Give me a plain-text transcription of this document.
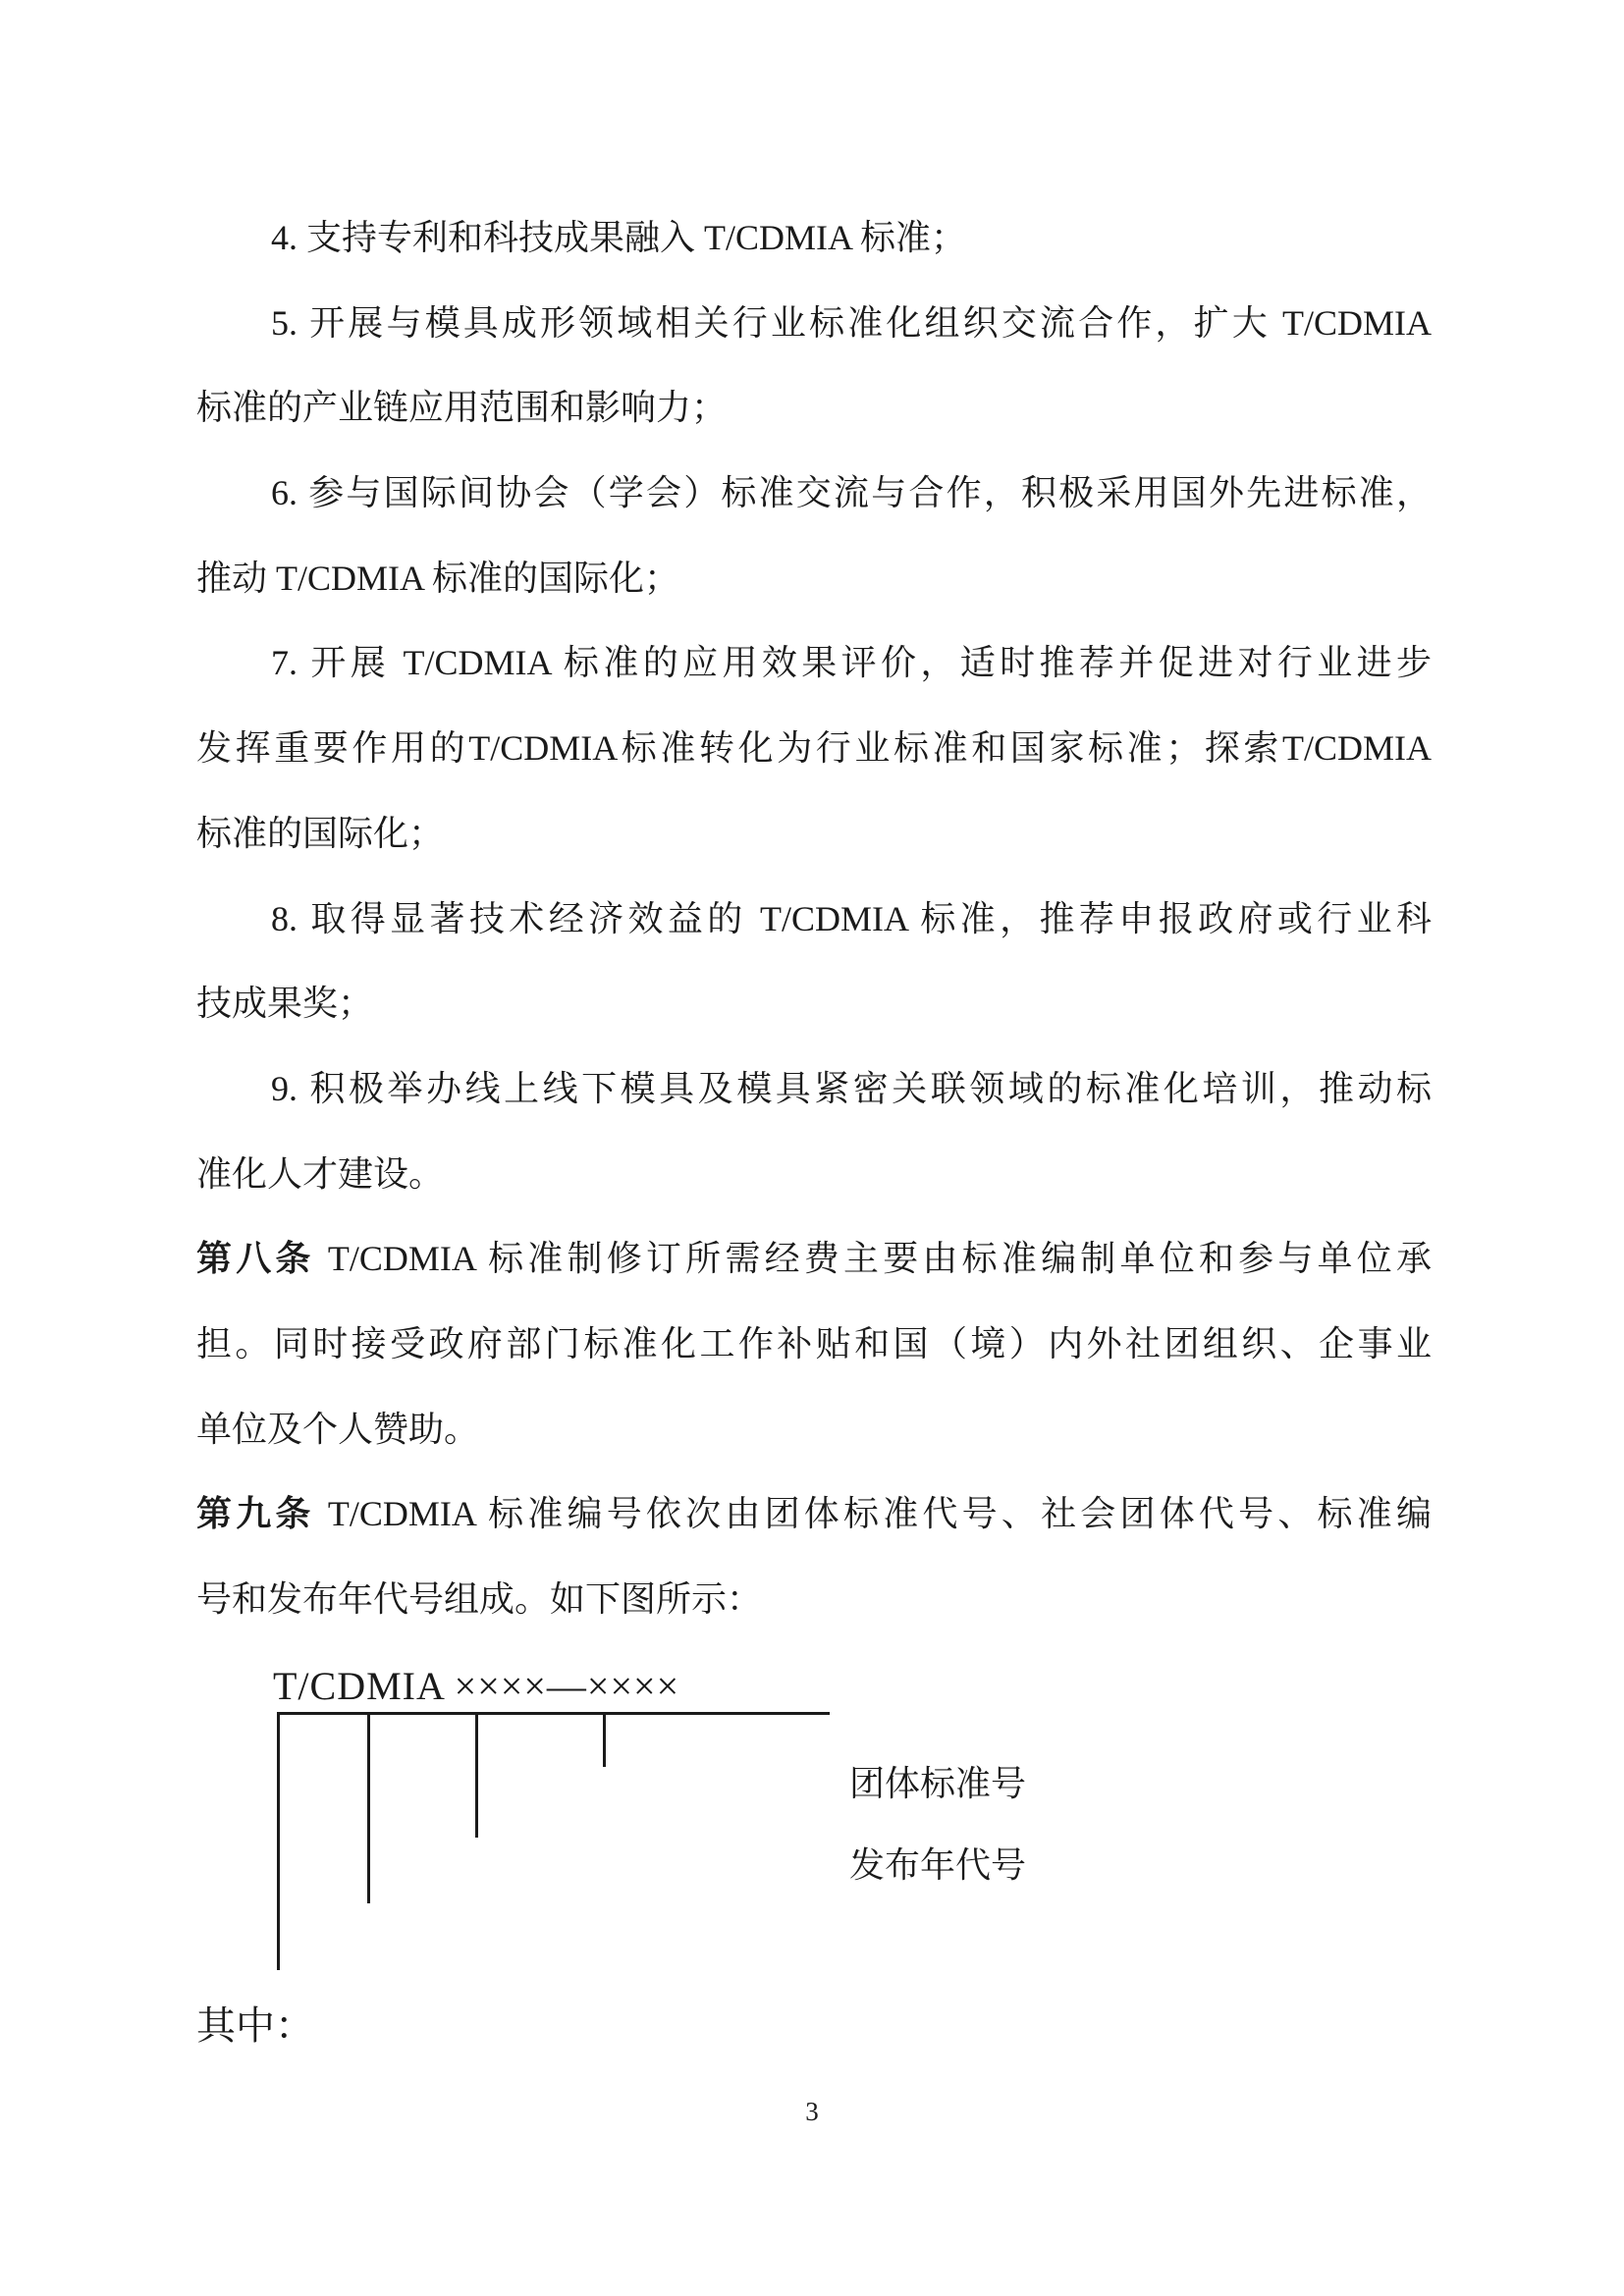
4. 支持专利和科技成果融入 T/CDMIA 标准；
5. 开展与模具成形领域相关行业标准化组织交流合作，扩大 T/CDMIA
标准的产业链应用范围和影响力；
6. 参与国际间协会（学会）标准交流与合作，积极采用国外先进标准，
推动 T/CDMIA 标准的国际化；
7. 开展 T/CDMIA 标准的应用效果评价，适时推荐并促进对行业进步
发挥重要作用的T/CDMIA标准转化为行业标准和国家标准；探索T/CDMIA
标准的国际化；
8. 取得显著技术经济效益的 T/CDMIA 标准，推荐申报政府或行业科
技成果奖；
9. 积极举办线上线下模具及模具紧密关联领域的标准化培训，推动标
准化人才建设。
第八条 T/CDMIA 标准制修订所需经费主要由标准编制单位和参与单位承
担。同时接受政府部门标准化工作补贴和国（境）内外社团组织、企事业
单位及个人赞助。
第九条 T/CDMIA 标准编号依次由团体标准代号、社会团体代号、标准编
号和发布年代号组成。如下图所示：
T/CDMIA ××××—××××
团体标准号
发布年代号
其中：
3
